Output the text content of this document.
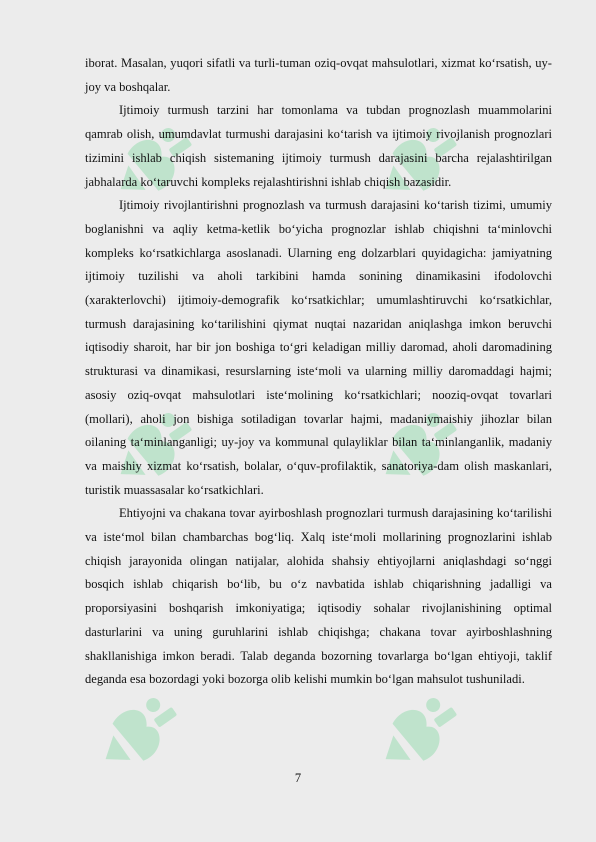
iborat. Masalan, yuqori sifatli va turli-tuman oziq-ovqat mahsulotlari, xizmat ko‘rsatish, uy-joy va boshqalar.

Ijtimoiy turmush tarzini har tomonlama va tubdan prognozlash muammolarini qamrab olish, umumdavlat turmushi darajasini ko‘tarish va ijtimoiy rivojlanish prognozlari tizimini ishlab chiqish sistemaning ijtimoiy turmush darajasini barcha rejalashtirilgan jabhalarda ko‘taruvchi kompleks rejalashtirishni ishlab chiqish bazasidir.

Ijtimoiy rivojlantirishni prognozlash va turmush darajasini ko‘tarish tizimi, umumiy boglanishni va aqliy ketma-ketlik bo‘yicha prognozlar ishlab chiqishni ta‘minlovchi kompleks ko‘rsatkichlarga asoslanadi. Ularning eng dolzarblari quyidagicha: jamiyatning ijtimoiy tuzilishi va aholi tarkibini hamda sonining dinamikasini ifodolovchi (xarakterlovchi) ijtimoiy-demografik ko‘rsatkichlar; umumlashtiruvchi ko‘rsatkichlar, turmush darajasining ko‘tarilishini qiymat nuqtai nazaridan aniqlashga imkon beruvchi iqtisodiy sharoit, har bir jon boshiga to‘gri keladigan milliy daromad, aholi daromadining strukturasi va dinamikasi, resurslarning iste‘moli va ularning milliy daromaddagi hajmi; asosiy oziq-ovqat mahsulotlari iste‘molining ko‘rsatkichlari; nooziq-ovqat tovarlari (mollari), aholi jon bishiga sotiladigan tovarlar hajmi, madaniymaishiy jihozlar bilan oilaning ta‘minlanganligi; uy-joy va kommunal qulayliklar bilan ta‘minlanganlik, madaniy va maishiy xizmat ko‘rsatish, bolalar, o‘quv-profilaktik, sanatoriya-dam olish maskanlari, turistik muassasalar ko‘rsatkichlari.

Ehtiyojni va chakana tovar ayirboshlash prognozlari turmush darajasining ko‘tarilishi va iste‘mol bilan chambarchas bog‘liq. Xalq iste‘moli mollarining prognozlarini ishlab chiqish jarayonida olingan natijalar, alohida shahsiy ehtiyojlarni aniqlashdagi so‘nggi bosqich ishlab chiqarish bo‘lib, bu o‘z navbatida ishlab chiqarishning jadalligi va proporsiyasini boshqarish imkoniyatiga; iqtisodiy sohalar rivojlanishining optimal dasturlarini va uning guruhlarini ishlab chiqishga; chakana tovar ayirboshlashning shakllanishiga imkon beradi. Talab deganda bozorning tovarlarga bo‘lgan ehtiyoji, taklif deganda esa bozordagi yoki bozorga olib kelishi mumkin bo‘lgan mahsulot tushuniladi.

7
